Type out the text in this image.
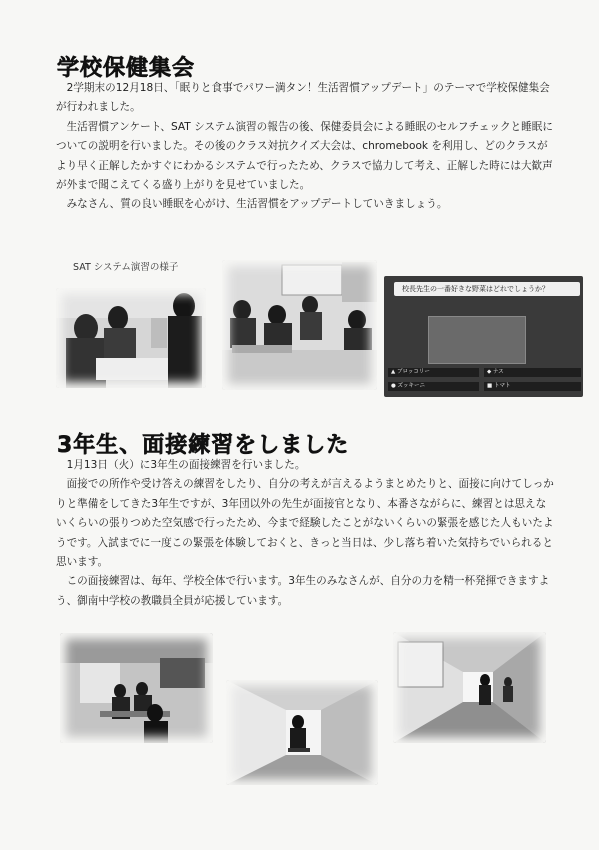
学校保健集会

2学期末の12月18日、「眠りと食事でパワー満タン！生活習慣アップデート」のテーマで学校保健集会が行われました。

生活習慣アンケート、SAT システム演習の報告の後、保健委員会による睡眠のセルフチェックと睡眠についての説明を行いました。その後のクラス対抗クイズ大会は、chromebook を利用し、どのクラスがより早く正解したかすぐにわかるシステムで行ったため、クラスで協力して考え、正解した時には大歓声が外まで聞こえてくる盛り上がりを見せていました。

みなさん、質の良い睡眠を心がけ、生活習慣をアップデートしていきましょう。

SAT システム演習の様子
校長先生の一番好きな野菜はどれでしょうか？
▲ ブロッコリー	◆ ナス
● ズッキーニ	■ トマト
3年生、面接練習をしました

1月13日（火）に3年生の面接練習を行いました。

面接での所作や受け答えの練習をしたり、自分の考えが言えるようまとめたりと、面接に向けてしっかりと準備をしてきた3年生ですが、3年団以外の先生が面接官となり、本番さながらに、練習とは思えないくらいの張りつめた空気感で行ったため、今まで経験したことがないくらいの緊張を感じた人もいたようです。入試までに一度この緊張を体験しておくと、きっと当日は、少し落ち着いた気持ちでいられると思います。

この面接練習は、毎年、学校全体で行います。3年生のみなさんが、自分の力を精一杯発揮できますよう、御南中学校の教職員全員が応援しています。
